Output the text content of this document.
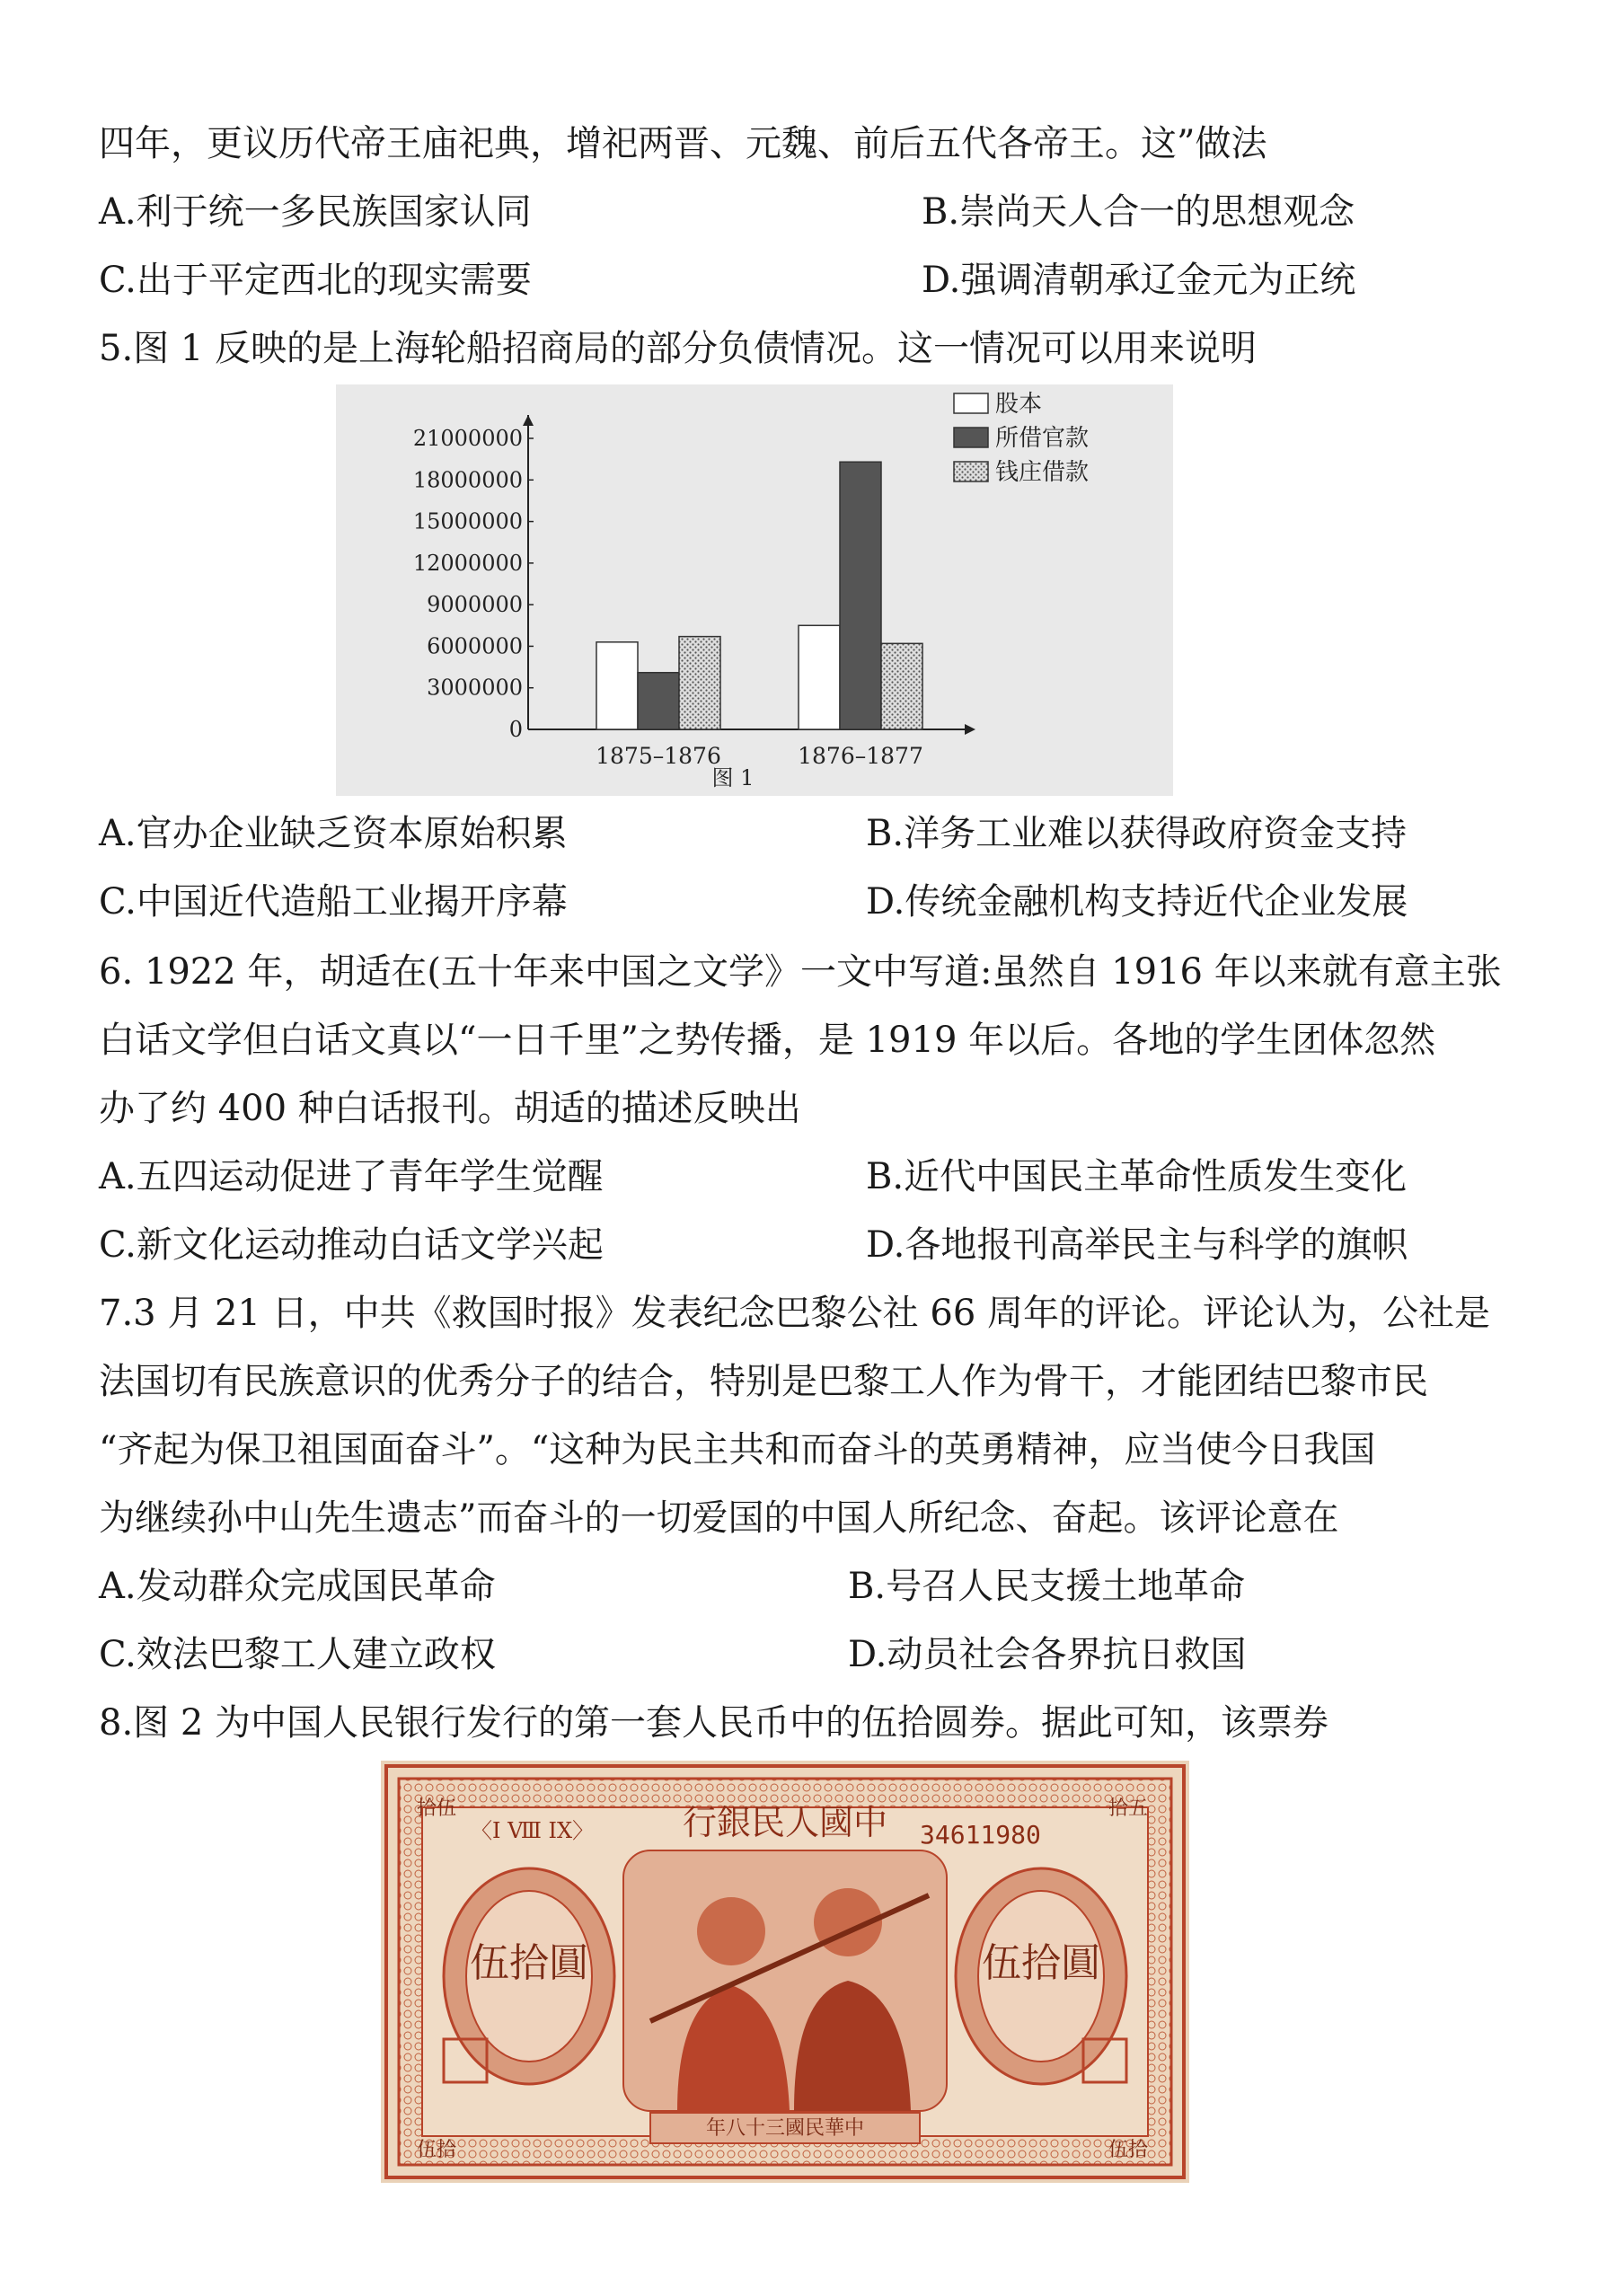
四年，更议历代帝王庙祀典，增祀两晋、元魏、前后五代各帝王。这”做法
A.利于统一多民族国家认同	B.崇尚天人合一的思想观念
C.出于平定西北的现实需要	D.强调清朝承辽金元为正统
5.图 1 反映的是上海轮船招商局的部分负债情况。这一情况可以用来说明
0
3000000
6000000
9000000
12000000
15000000
18000000
21000000
1875–1876	1876–1877
图 1
股本
所借官款
钱庄借款
A.官办企业缺乏资本原始积累	B.洋务工业难以获得政府资金支持
C.中国近代造船工业揭开序幕	D.传统金融机构支持近代企业发展
6. 1922 年，胡适在(五十年来中国之文学》一文中写道:虽然自 1916 年以来就有意主张
白话文学但白话文真以“一日千里”之势传播，是 1919 年以后。各地的学生团体忽然
办了约 400 种白话报刊。胡适的描述反映出
A.五四运动促进了青年学生觉醒	B.近代中国民主革命性质发生变化
C.新文化运动推动白话文学兴起	D.各地报刊高举民主与科学的旗帜
7.3 月 21 日，中共《救国时报》发表纪念巴黎公社 66 周年的评论。评论认为，公社是
法国切有民族意识的优秀分子的结合，特别是巴黎工人作为骨干，才能团结巴黎市民
“齐起为保卫祖国面奋斗”。“这种为民主共和而奋斗的英勇精神，应当使今日我国
为继续孙中山先生遗志”而奋斗的一切爱国的中国人所纪念、奋起。该评论意在
A.发动群众完成国民革命	B.号召人民支援土地革命
C.效法巴黎工人建立政权	D.动员社会各界抗日救国
8.图 2 为中国人民银行发行的第一套人民币中的伍拾圆券。据此可知，该票券
行銀民人國中
〈I Ⅷ IX〉	34611980
伍拾圓	伍拾圓
拾伍	拾五
伍拾	伍拾
年八十三國民華中
